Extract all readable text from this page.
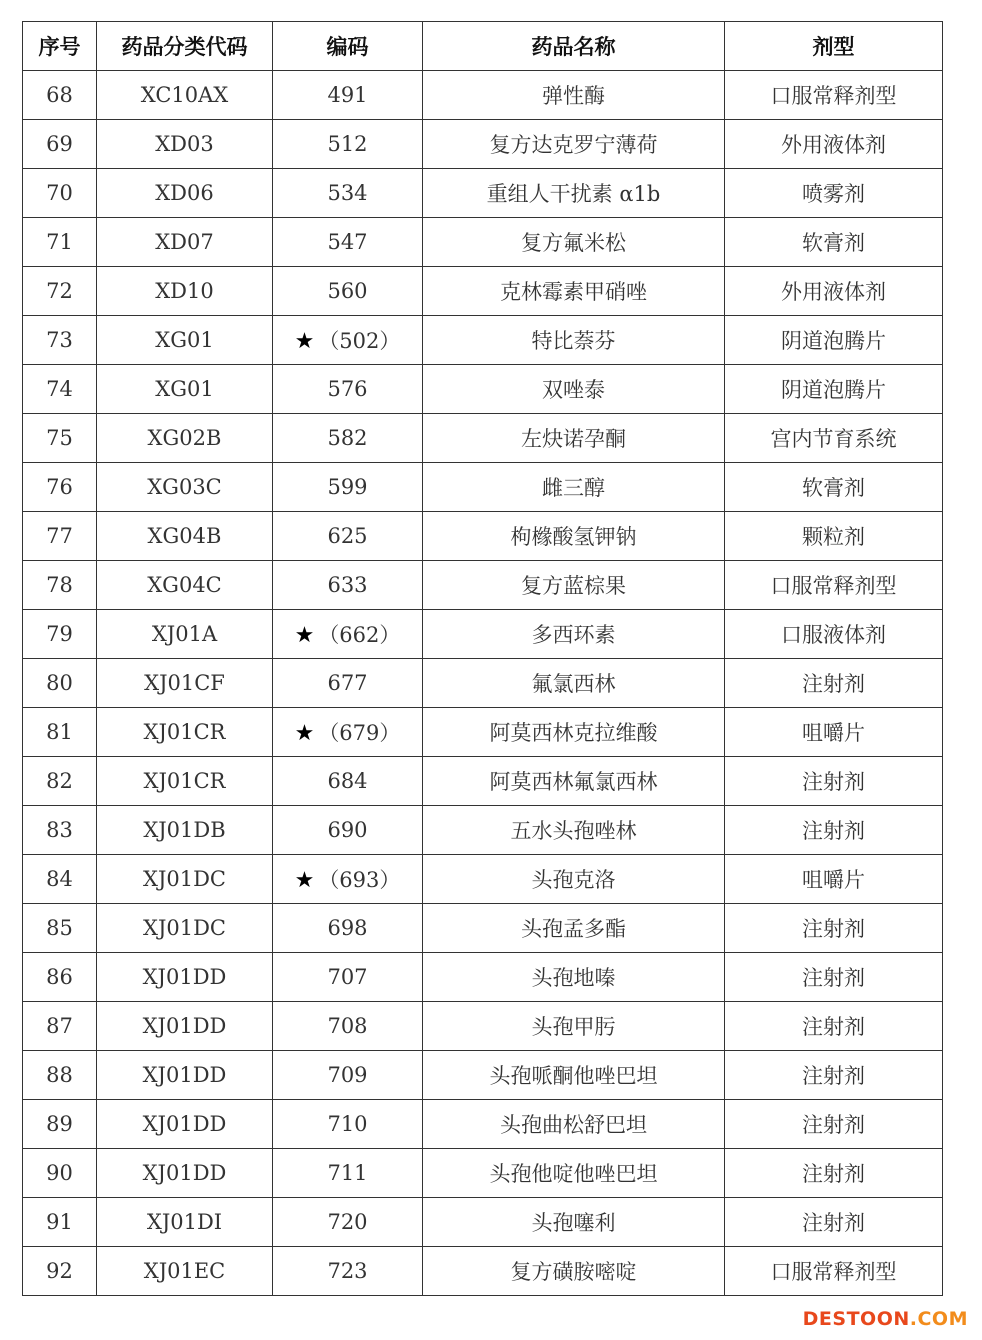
序号	药品分类代码	编码	药品名称	剂型
68	XC10AX	491	弹性酶	口服常释剂型
69	XD03	512	复方达克罗宁薄荷	外用液体剂
70	XD06	534	重组人干扰素 α1b	喷雾剂
71	XD07	547	复方氟米松	软膏剂
72	XD10	560	克林霉素甲硝唑	外用液体剂
73	XG01	★ （502）	特比萘芬	阴道泡腾片
74	XG01	576	双唑泰	阴道泡腾片
75	XG02B	582	左炔诺孕酮	宫内节育系统
76	XG03C	599	雌三醇	软膏剂
77	XG04B	625	枸橼酸氢钾钠	颗粒剂
78	XG04C	633	复方蓝棕果	口服常释剂型
79	XJ01A	★ （662）	多西环素	口服液体剂
80	XJ01CF	677	氟氯西林	注射剂
81	XJ01CR	★ （679）	阿莫西林克拉维酸	咀嚼片
82	XJ01CR	684	阿莫西林氟氯西林	注射剂
83	XJ01DB	690	五水头孢唑林	注射剂
84	XJ01DC	★ （693）	头孢克洛	咀嚼片
85	XJ01DC	698	头孢孟多酯	注射剂
86	XJ01DD	707	头孢地嗪	注射剂
87	XJ01DD	708	头孢甲肟	注射剂
88	XJ01DD	709	头孢哌酮他唑巴坦	注射剂
89	XJ01DD	710	头孢曲松舒巴坦	注射剂
90	XJ01DD	711	头孢他啶他唑巴坦	注射剂
91	XJ01DI	720	头孢噻利	注射剂
92	XJ01EC	723	复方磺胺嘧啶	口服常释剂型
DESTOON.COM
